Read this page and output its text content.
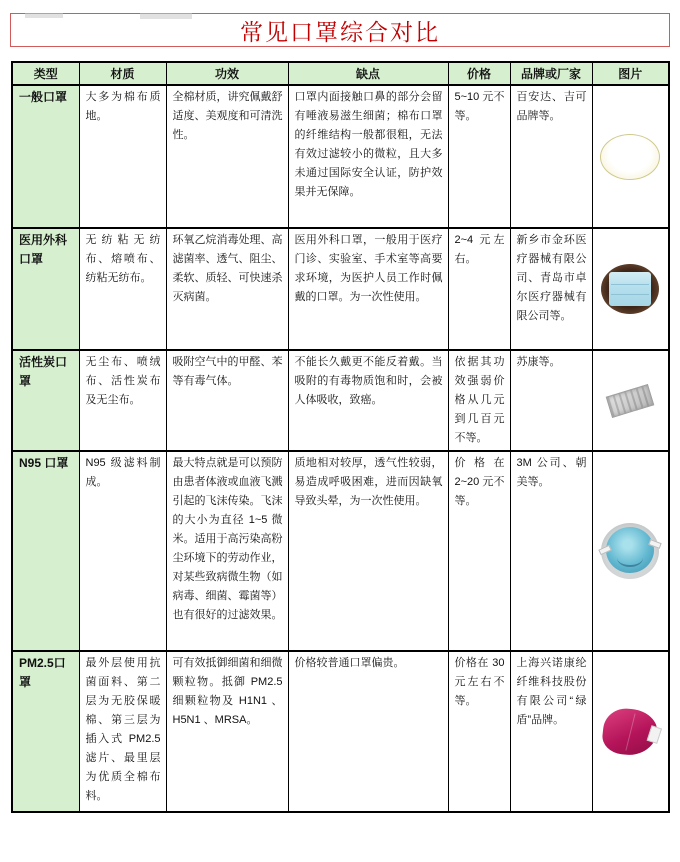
常见口罩综合对比
类型	材质	功效	缺点	价格	品牌或厂家	图片
一般口罩	大多为棉布质地。	全棉材质，讲究佩戴舒适度、美观度和可清洗性。	口罩内面接触口鼻的部分会留有唾液易滋生细菌；棉布口罩的纤维结构一般都很粗，无法有效过滤较小的微粒，且大多未通过国际安全认证，防护效果并无保障。	5~10 元不等。	百安达、吉可品牌等。	

医用外科口罩	无纺粘无纺布、熔喷布、纺粘无纺布。	环氧乙烷消毒处理、高滤菌率、透气、阻尘、柔软、质轻、可快速杀灭病菌。	医用外科口罩，一般用于医疗门诊、实验室、手术室等高要求环境，为医护人员工作时佩戴的口罩。为一次性使用。	2~4 元左右。	新乡市金环医疗器械有限公司、青岛市卓尔医疗器械有限公司等。	

活性炭口罩	无尘布、喷绒布、活性炭布及无尘布。	吸附空气中的甲醛、苯等有毒气体。	不能长久戴更不能反着戴。当吸附的有毒物质饱和时，会被人体吸收，致癌。	依据其功效强弱价格从几元到几百元不等。	苏康等。	

N95 口罩	N95 级滤料制成。	最大特点就是可以预防由患者体液或血液飞溅引起的飞沫传染。飞沫的大小为直径 1~5 微米。适用于高污染高粉尘环境下的劳动作业，对某些致病微生物（如病毒、细菌、霉菌等）也有很好的过滤效果。	质地相对较厚，透气性较弱，易造成呼吸困难，进而因缺氧导致头晕，为一次性使用。	价格在 2~20 元不等。	3M 公司、朝美等。	

PM2.5口罩	最外层使用抗菌面料、第二层为无胶保暖棉、第三层为插入式 PM2.5 滤片、最里层为优质全棉布料。	可有效抵御细菌和细微颗粒物。抵御 PM2.5 细颗粒物及 H1N1 、 H5N1 、MRSA。	价格较普通口罩偏贵。	价格在 30 元左右不等。	上海兴诺康纶纤维科技股份有限公司“绿盾”品牌。	
